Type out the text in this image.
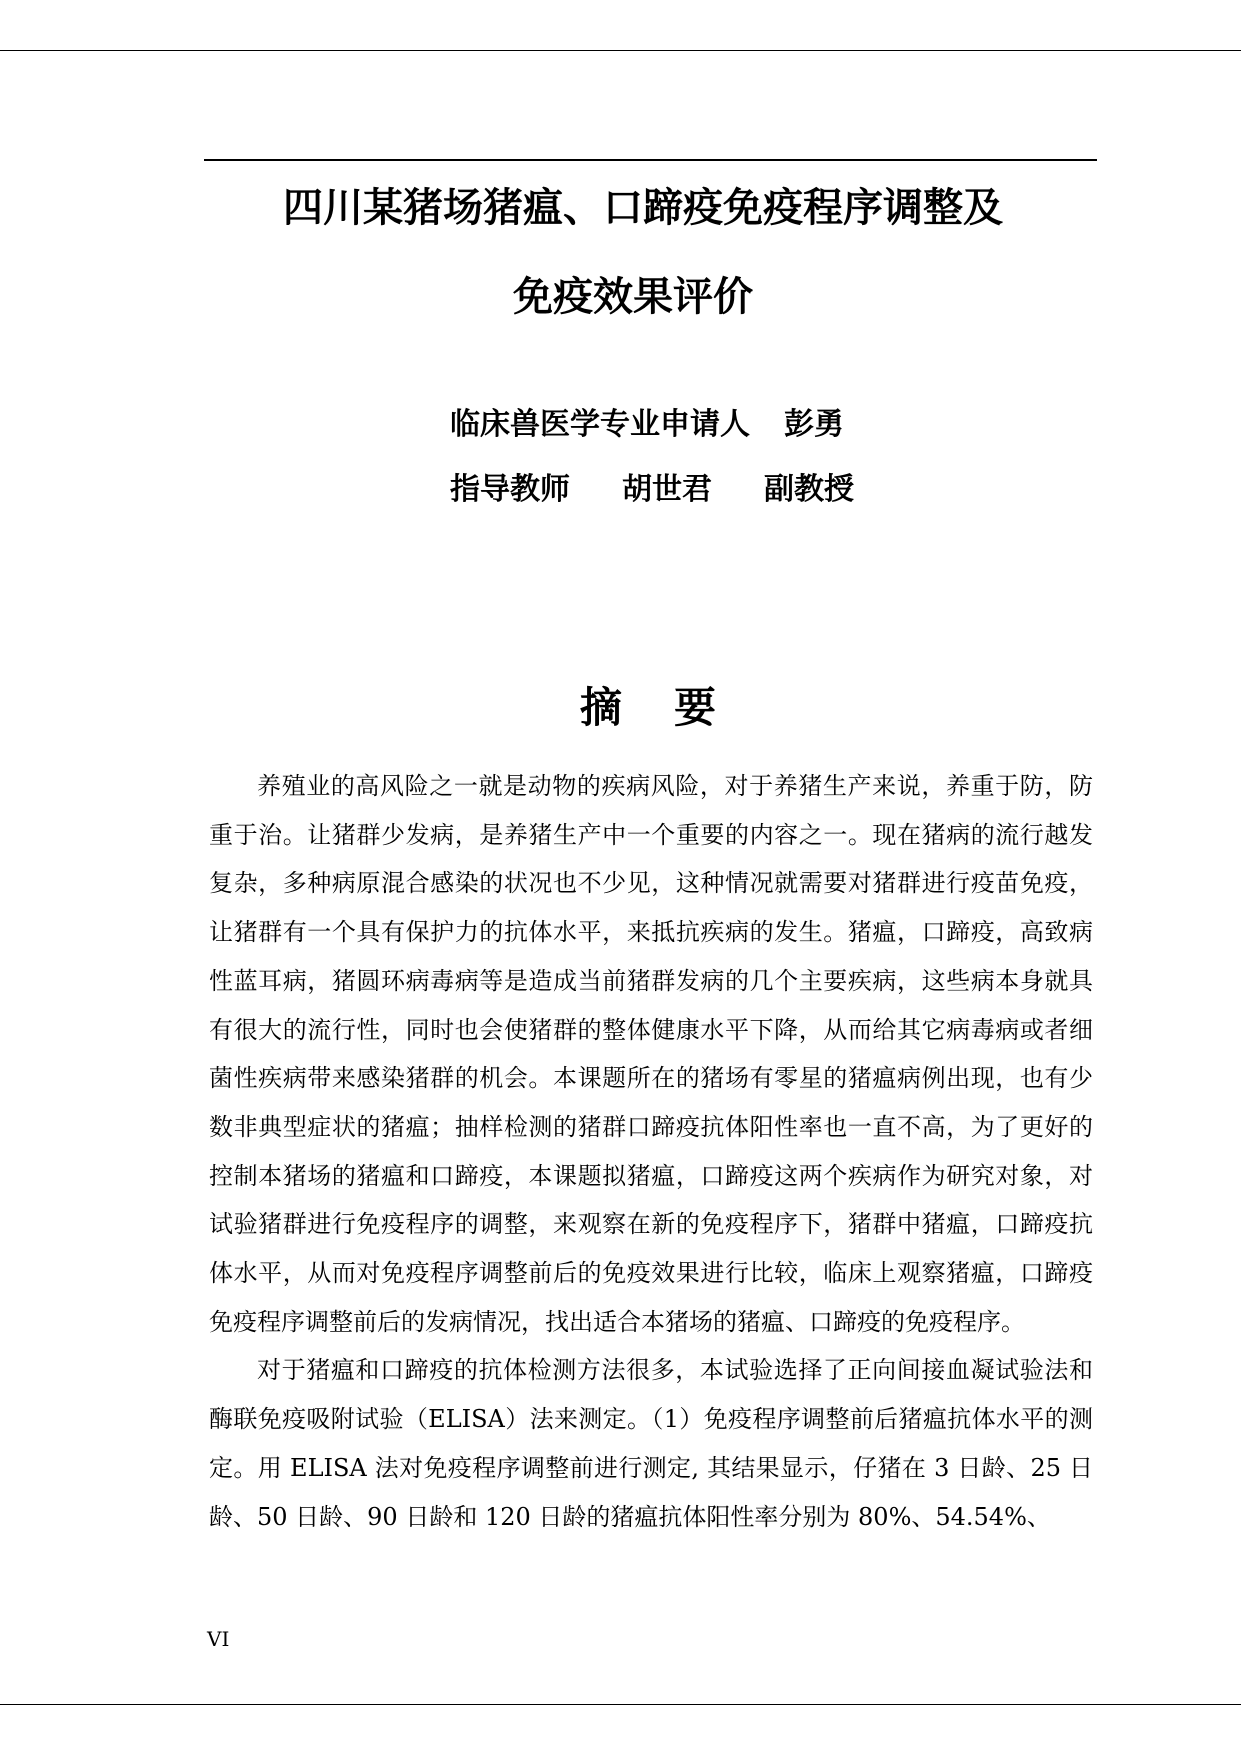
四川某猪场猪瘟、口蹄疫免疫程序调整及
免疫效果评价
临床兽医学专业申请人 彭勇
指导教师 胡世君 副教授
摘 要

养殖业的高风险之一就是动物的疾病风险，对于养猪生产来说，养重于防，防重于治。让猪群少发病，是养猪生产中一个重要的内容之一。现在猪病的流行越发复杂，多种病原混合感染的状况也不少见，这种情况就需要对猪群进行疫苗免疫，让猪群有一个具有保护力的抗体水平，来抵抗疾病的发生。猪瘟，口蹄疫，高致病性蓝耳病，猪圆环病毒病等是造成当前猪群发病的几个主要疾病，这些病本身就具有很大的流行性，同时也会使猪群的整体健康水平下降，从而给其它病毒病或者细菌性疾病带来感染猪群的机会。本课题所在的猪场有零星的猪瘟病例出现，也有少数非典型症状的猪瘟；抽样检测的猪群口蹄疫抗体阳性率也一直不高，为了更好的控制本猪场的猪瘟和口蹄疫，本课题拟猪瘟，口蹄疫这两个疾病作为研究对象，对试验猪群进行免疫程序的调整，来观察在新的免疫程序下，猪群中猪瘟，口蹄疫抗体水平，从而对免疫程序调整前后的免疫效果进行比较，临床上观察猪瘟，口蹄疫免疫程序调整前后的发病情况，找出适合本猪场的猪瘟、口蹄疫的免疫程序。

对于猪瘟和口蹄疫的抗体检测方法很多，本试验选择了正向间接血凝试验法和酶联免疫吸附试验（ELISA）法来测定。（1）免疫程序调整前后猪瘟抗体水平的测定。用 ELISA 法对免疫程序调整前进行测定, 其结果显示，仔猪在 3 日龄、25 日龄、50 日龄、90 日龄和 120 日龄的猪瘟抗体阳性率分别为 80%、54.54%、

VI
